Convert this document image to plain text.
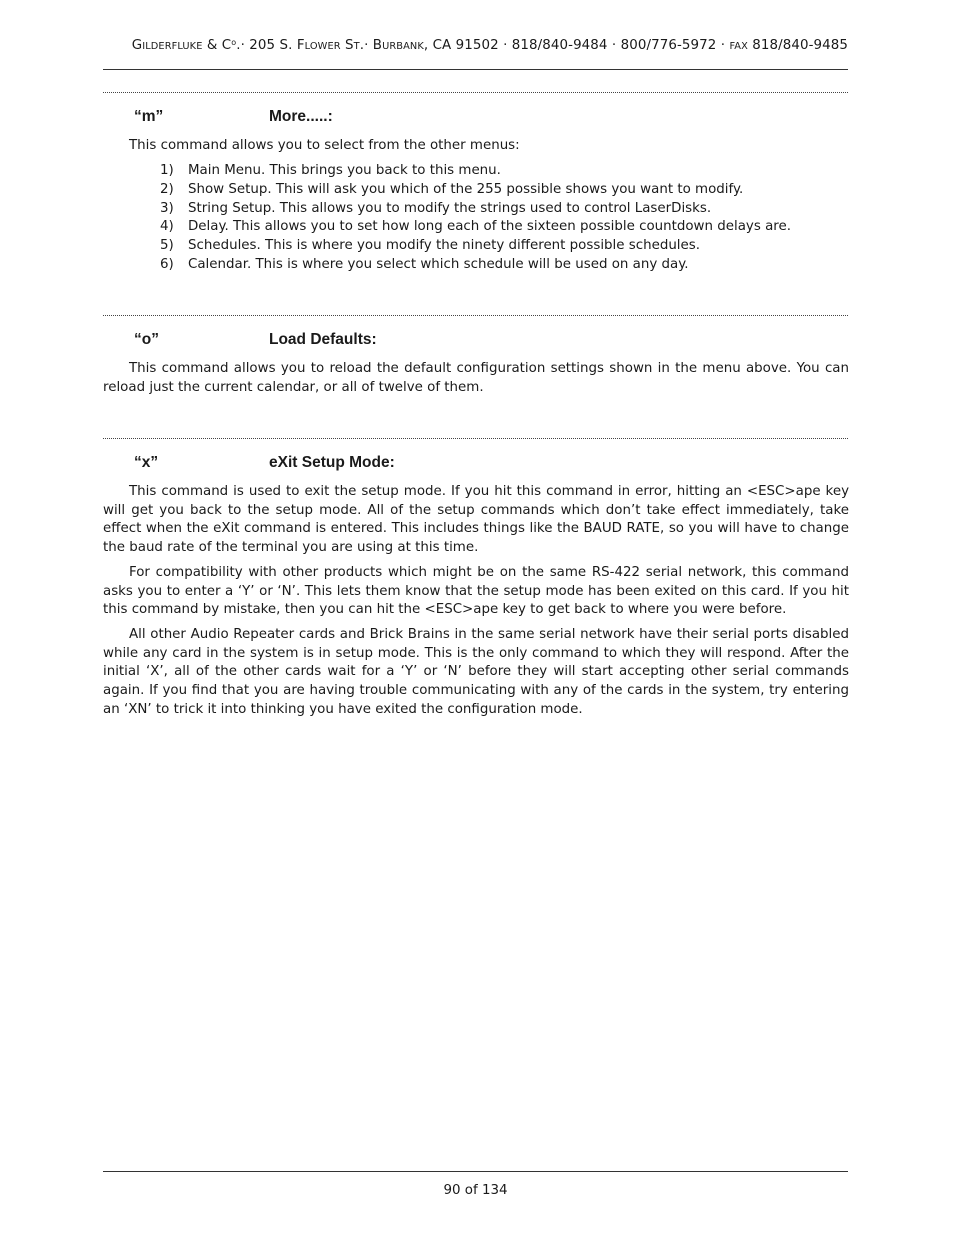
GILDERFLUKE & $C^o.\cdot 205$ S. FLOWER ST.· BURBANK, CA 91502 · 818/840-9484 · 800/776-5972 · FAX 818/840-9485
“m”	More.....:
This command allows you to select from the other menus:
1) Main Menu. This brings you back to this menu.
2) Show Setup. This will ask you which of the 255 possible shows you want to modify.
3) String Setup. This allows you to modify the strings used to control LaserDisks.
4) Delay. This allows you to set how long each of the sixteen possible countdown delays are.
5) Schedules. This is where you modify the ninety different possible schedules.
6) Calendar. This is where you select which schedule will be used on any day.
“o”	Load Defaults:

This command allows you to reload the default configuration settings shown in the menu above. You can reload just the current calendar, or all of twelve of them.

“x”	eXit Setup Mode:

This command is used to exit the setup mode. If you hit this command in error, hitting an <ESC>ape key will get you back to the setup mode. All of the setup commands which don’t take effect immediately, take effect when the eXit command is entered. This includes things like the BAUD RATE, so you will have to change the baud rate of the terminal you are using at this time.

For compatibility with other products which might be on the same RS-422 serial network, this command asks you to enter a ‘Y’ or ‘N’. This lets them know that the setup mode has been exited on this card. If you hit this command by mistake, then you can hit the <ESC>ape key to get back to where you were before.

All other Audio Repeater cards and Brick Brains in the same serial network have their serial ports disabled while any card in the system is in setup mode. This is the only command to which they will respond. After the initial ‘X’, all of the other cards wait for a ‘Y’ or ‘N’ before they will start accepting other serial commands again. If you find that you are having trouble communicating with any of the cards in the system, try entering an ‘XN’ to trick it into thinking you have exited the configuration mode.

90 of 134
